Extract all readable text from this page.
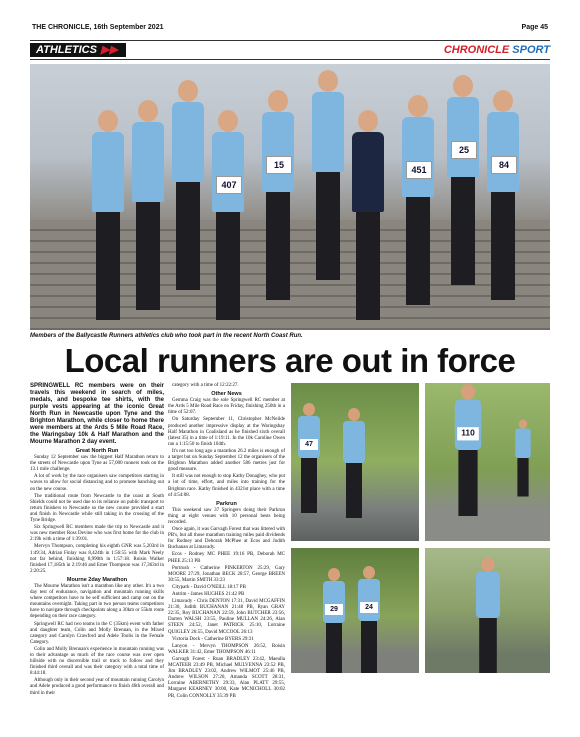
THE CHRONICLE, 16th September 2021	Page 45
ATHLETICS ▶▶	CHRONICLE SPORT
407
15	451
25
84
Members of the Ballycastle Runners athletics club who took part in the recent North Coast Run.
Local runners are out in force

SPRINGWELL RC members were on their travels this weekend in search of miles, medals, and bespoke tee shirts, with the purple vests appearing at the iconic Great North Run in Newcastle upon Tyne and the Brighton Marathon, while closer to home there were members at the Ards 5 Mile Road Race, the Waringsbay 10k & Half Marathon and the Mourne Marathon 2 day event.

Great North Run

Sunday 12 September saw the biggest Half Marathon return to the streets of Newcastle upon Tyne as 57,000 runners took on the 13.1 mile challenge.

A lot of work by the race organisers saw competitors starting in waves to allow for social distancing and to promote banching out on the new course.

The traditional route from Newcastle to the coast at South Shields could not be used due to its reliance on public transport to return finishers to Newcastle so the new course provided a start and finish in Newcastle while still taking in the crossing of the Tyne Bridge.

Six Springwell RC members made the trip to Newcastle and it was new member Ross Devine who was first home for the club in 2:19h with a time of 1:39:01.

Mervyn Thompson, completing his eighth GNR was 5,203rd in 1:49:34, Adrian Finlay was 8,424th in 1:56:55 with Mark Neely not far behind, finishing 8,990th in 1:57:18. Roisin Walker finished 17,185th in 2:19:46 and Emer Thompson was 17,363rd in 2:20:25.

Mourne 2day Marathon

The Mourne Marathon isn't a marathon like any other. It's a two day test of endurance, navigation and mountain running skills where competitors have to be self sufficient and camp out on the mountains overnight. Taking part in two person teams competitors have to navigate through checkpoints along a 30km or 55km route depending on their race category.

Springwell RC had two teams in the C (35km) event with father and daughter team, Colin and Molly Brennan, in the Mixed category and Carolyn Crawford and Adele Toolis in the Female Category.

Colin and Molly Brennan's experience in mountain running was to their advantage as much of the race course was over open hillside with no discernible trail or track to follow and they finished third overall and was their category with a total time of 8:44:18.

Although only in their second year of mountain running Carolyn and Adele produced a good performance to finish 46th overall and third in their

category with a time of 12:22:27.

Other News

Gemma Craig was the sole Springwell RC member at the Ards 5 Mile Road Race on Friday, finishing 250th in a time of 52:07.

On Saturday September 11, Christopher McNeilde produced another impressive display at the Waringsbay Half Marathon in Coalisland as he finished sixth overall (latest 35) in a time of 1:19:11. In the 10k Caroline Owen ran a 1:15:50 to finish 104th.

It's not too long ago a marathon 26.2 miles is enough of a target but on Sunday September 12 the organisers of the Brighton Marathon added another 586 metres just for good measure.

It still was not enough to stop Kathy Donaghey, who put a lot of time, effort, and miles into training for the Brighton race. Kathy finished in 4321st place with a time of 4:54:08.

Parkrun

This weekend saw 37 Springers doing their Parkrun thing at eight venues with 10 personal bests being recorded.

Once again, it was Garvagh Forest that was littered with PB's, but all those marathon training miles paid dividends for Rodney and Deborah McPhee at Ecos and Judith Buchanan at Limavady.

Ecos - Rodney MC PHEE 19:16 PB, Deborah MC PHEE 25:13 PB

Portrush - Catherine PINKERTON 25:29, Gary MOORE 27:29, Jonathan BECK 28:57, George BREEN 30:55, Martin SMITH 33:23

Citypark - David O'NEILL 18:17 PB

Antrim - James HUGHES 21:42 PB

Limavady - Chris DENTON 17:31, David MCGAFFIN 21:30, Judith BUCHANAN 21:48 PB, Ryan GRAY 22:35, Roy BUCHANAN 22:59, John BUTCHER 23:56, Darren WALSH 23:55, Pauline MULLAN 24:26, Alan STEEN 24:52, Janet PATRICK 25:10, Lorraine QUIGLEY 26:55, David MCCOOL 26:13

Victoria Dock - Catherine BYERS 29:31

Lanyon - Mervyn THOMPSON 26:52, Roisin WALKER 31:42, Emer THOMPSON 46:11

Garvagh Forest - Ruan BRADLEY 23:42, Maeulla MCATEER 23:49 PB, Michael MULVENNA 23:52 PB, Jim BRADLEY 23:02, Andrew WILMOT 25:46 PB, Andrew WILSON 27:20, Amanda SCOTT 28:31, Lorraine ABERNETHY 29:33, Alan PLATT 29:55, Margaret KEARNEY 30:00, Kate MCNICHOLL 30:02 PB, Colin CONNOLLY 35:39 PB

47
110
29	24
